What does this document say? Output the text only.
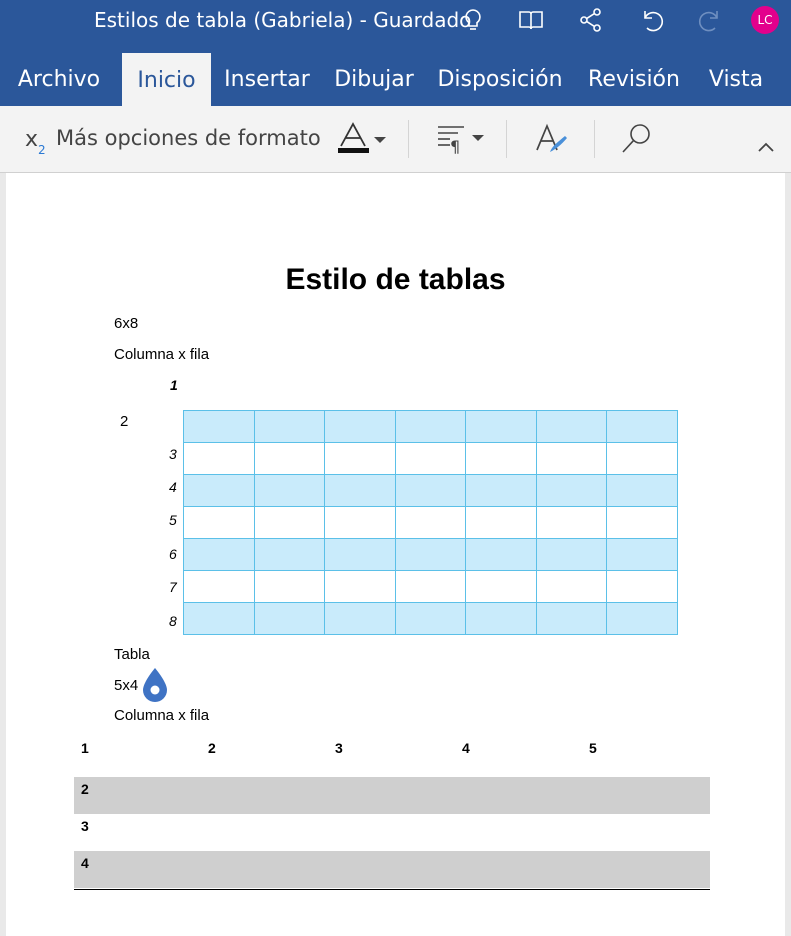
Estilos de tabla (Gabriela) - Guardado	LC
Archivo	Inicio	Insertar Dibujar Disposición Revisión Vista
x 2 Más opciones de formato	¶
Estilo de tablas
6x8
Columna x fila
1
2
3
4
5
6
7
8

Tabla
5x4
Columna x fila
1	2	3	4	5
2
3
4
